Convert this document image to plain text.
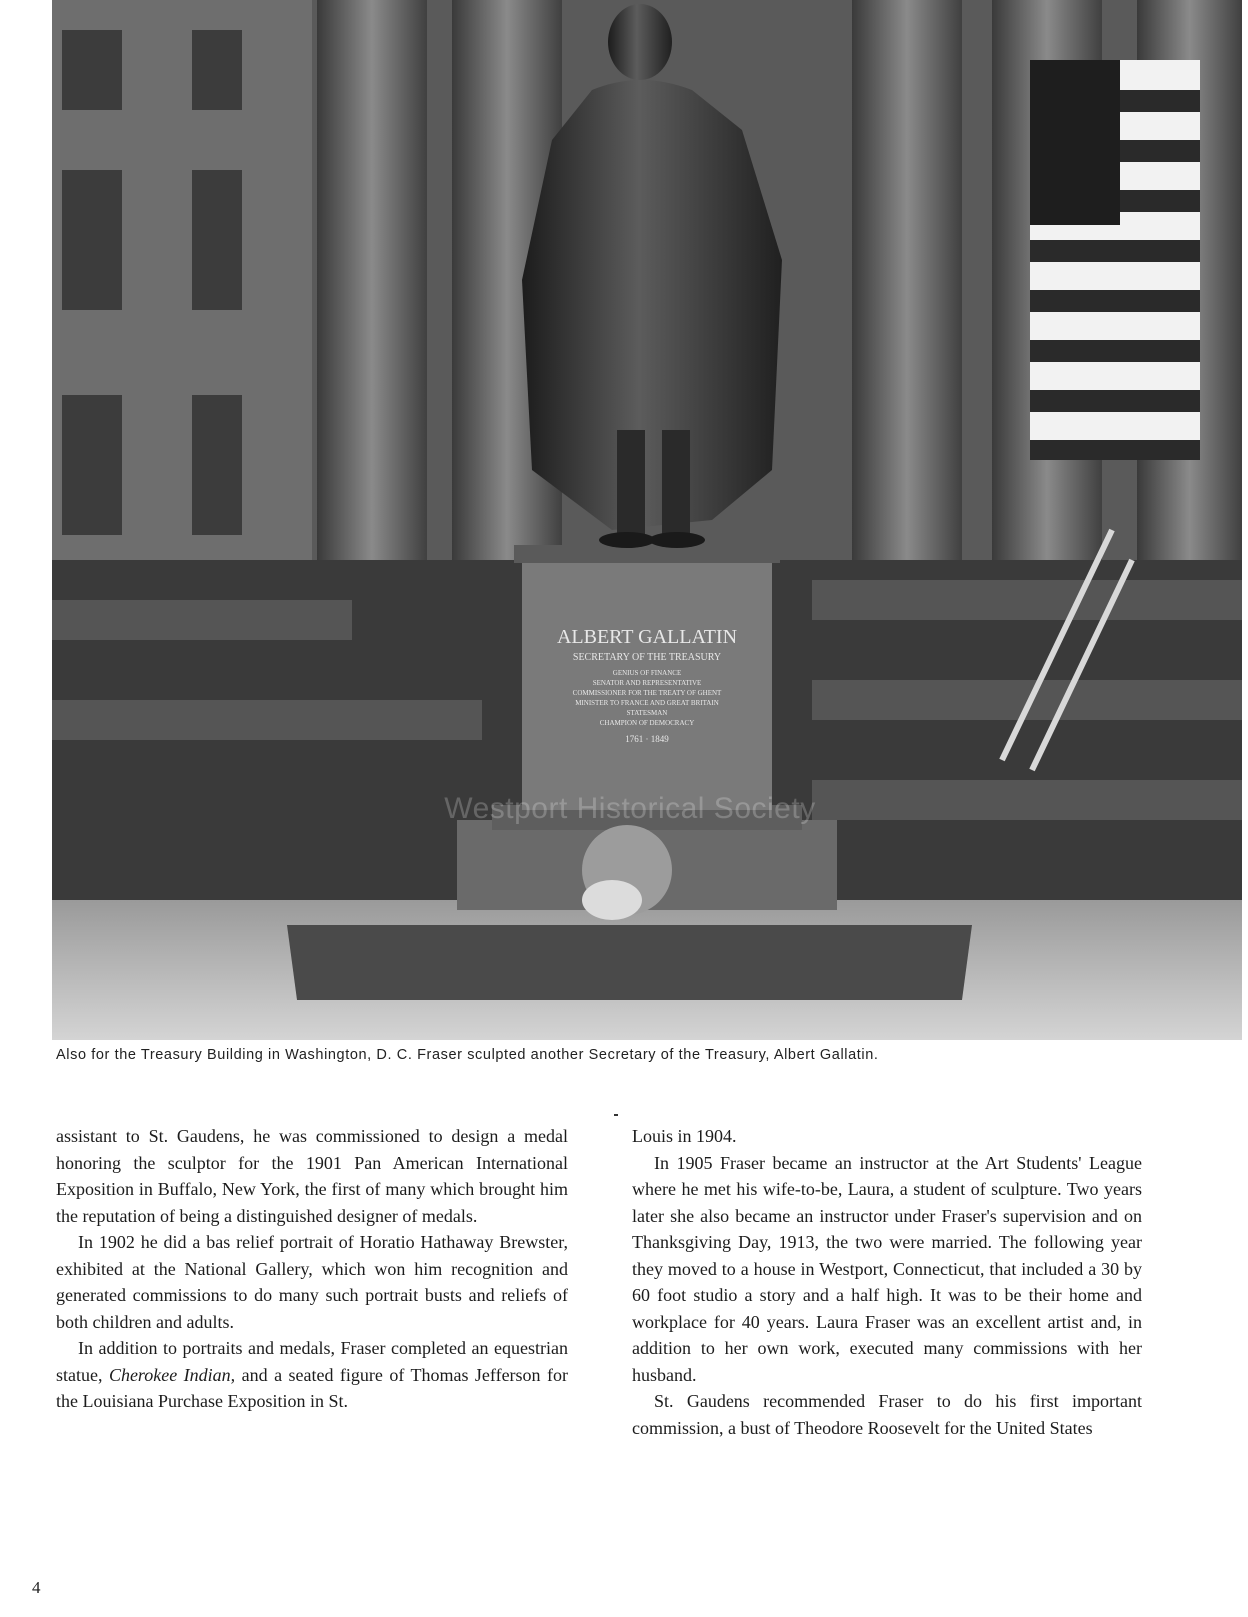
ALBERT GALLATIN
SECRETARY OF THE TREASURY
GENIUS OF FINANCE
SENATOR AND REPRESENTATIVE
COMMISSIONER FOR THE TREATY OF GHENT
MINISTER TO FRANCE AND GREAT BRITAIN
STATESMAN
CHAMPION OF DEMOCRACY
1761 · 1849
Westport Historical Society
Also for the Treasury Building in Washington, D. C. Fraser sculpted another Secretary of the Treasury, Albert Gallatin.

assistant to St. Gaudens, he was commissioned to design a medal honoring the sculptor for the 1901 Pan American International Exposition in Buffalo, New York, the first of many which brought him the reputation of being a distinguished designer of medals.

In 1902 he did a bas relief portrait of Horatio Hathaway Brewster, exhibited at the National Gallery, which won him recognition and generated commissions to do many such portrait busts and reliefs of both children and adults.

In addition to portraits and medals, Fraser completed an equestrian statue, Cherokee Indian, and a seated figure of Thomas Jefferson for the Louisiana Purchase Exposition in St.

Louis in 1904.

In 1905 Fraser became an instructor at the Art Students' League where he met his wife-to-be, Laura, a student of sculpture. Two years later she also became an instructor under Fraser's supervision and on Thanksgiving Day, 1913, the two were married. The following year they moved to a house in Westport, Connecticut, that included a 30 by 60 foot studio a story and a half high. It was to be their home and workplace for 40 years. Laura Fraser was an excellent artist and, in addition to her own work, executed many commissions with her husband.

St. Gaudens recommended Fraser to do his first important commission, a bust of Theodore Roosevelt for the United States

4
